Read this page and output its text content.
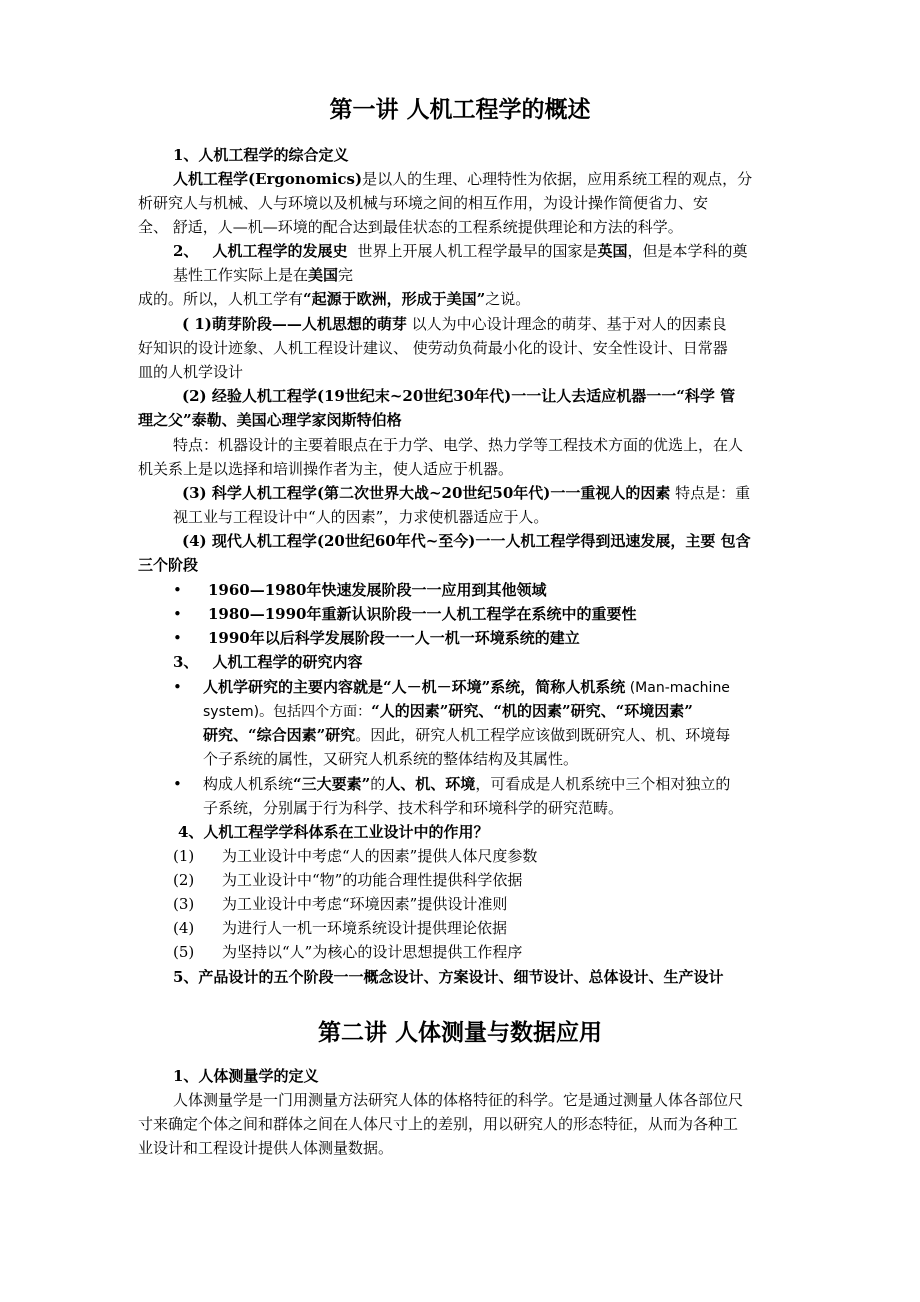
第一讲 人机工程学的概述
1、人机工程学的综合定义
人机工程学(Ergonomics)是以人的生理、心理特性为依据，应用系统工程的观点，分
析研究人与机械、人与环境以及机械与环境之间的相互作用，为设计操作简便省力、安
全、 舒适，人—机—环境的配合达到最佳状态的工程系统提供理论和方法的科学。
2、 人机工程学的发展史 世界上开展人机工程学最早的国家是英国，但是本学科的奠
基性工作实际上是在美国完
成的。所以，人机工学有“起源于欧洲，形成于美国”之说。
( 1)萌芽阶段——人机思想的萌芽 以人为中心设计理念的萌芽、基于对人的因素良
好知识的设计迹象、人机工程设计建议、 使劳动负荷最小化的设计、安全性设计、日常器
皿的人机学设计
(2) 经验人机工程学(19世纪末~20世纪30年代)一一让人去适应机器一一“科学 管
理之父”泰勒、美国心理学家闵斯特伯格
特点：机器设计的主要着眼点在于力学、电学、热力学等工程技术方面的优选上，在人
机关系上是以选择和培训操作者为主，使人适应于机器。
(3) 科学人机工程学(第二次世界大战~20世纪50年代)一一重视人的因素 特点是：重
视工业与工程设计中“人的因素”，力求使机器适应于人。
(4) 现代人机工程学(20世纪60年代~至今)一一人机工程学得到迅速发展，主要 包含
三个阶段
• 1960—1980年快速发展阶段一一应用到其他领域
• 1980—1990年重新认识阶段一一人机工程学在系统中的重要性
• 1990年以后科学发展阶段一一人一机一环境系统的建立
3、 人机工程学的研究内容
• 人机学研究的主要内容就是“人－机－环境”系统，简称人机系统 (Man-machine
system)。包括四个方面：“人的因素”研究、“机的因素”研究、“环境因素”
研究、“综合因素”研究。因此，研究人机工程学应该做到既研究人、机、环境每
个子系统的属性，又研究人机系统的整体结构及其属性。
• 构成人机系统“三大要素”的人、机、环境，可看成是人机系统中三个相对独立的
子系统，分别属于行为科学、技术科学和环境科学的研究范畴。
4、人机工程学学科体系在工业设计中的作用？
(1) 为工业设计中考虑“人的因素”提供人体尺度参数
(2) 为工业设计中“物”的功能合理性提供科学依据
(3) 为工业设计中考虑“环境因素”提供设计准则
(4) 为进行人一机一环境系统设计提供理论依据
(5) 为坚持以“人”为核心的设计思想提供工作程序
5、产品设计的五个阶段一一概念设计、方案设计、细节设计、总体设计、生产设计
第二讲 人体测量与数据应用
1、人体测量学的定义
人体测量学是一门用测量方法研究人体的体格特征的科学。它是通过测量人体各部位尺
寸来确定个体之间和群体之间在人体尺寸上的差别，用以研究人的形态特征，从而为各种工
业设计和工程设计提供人体测量数据。
